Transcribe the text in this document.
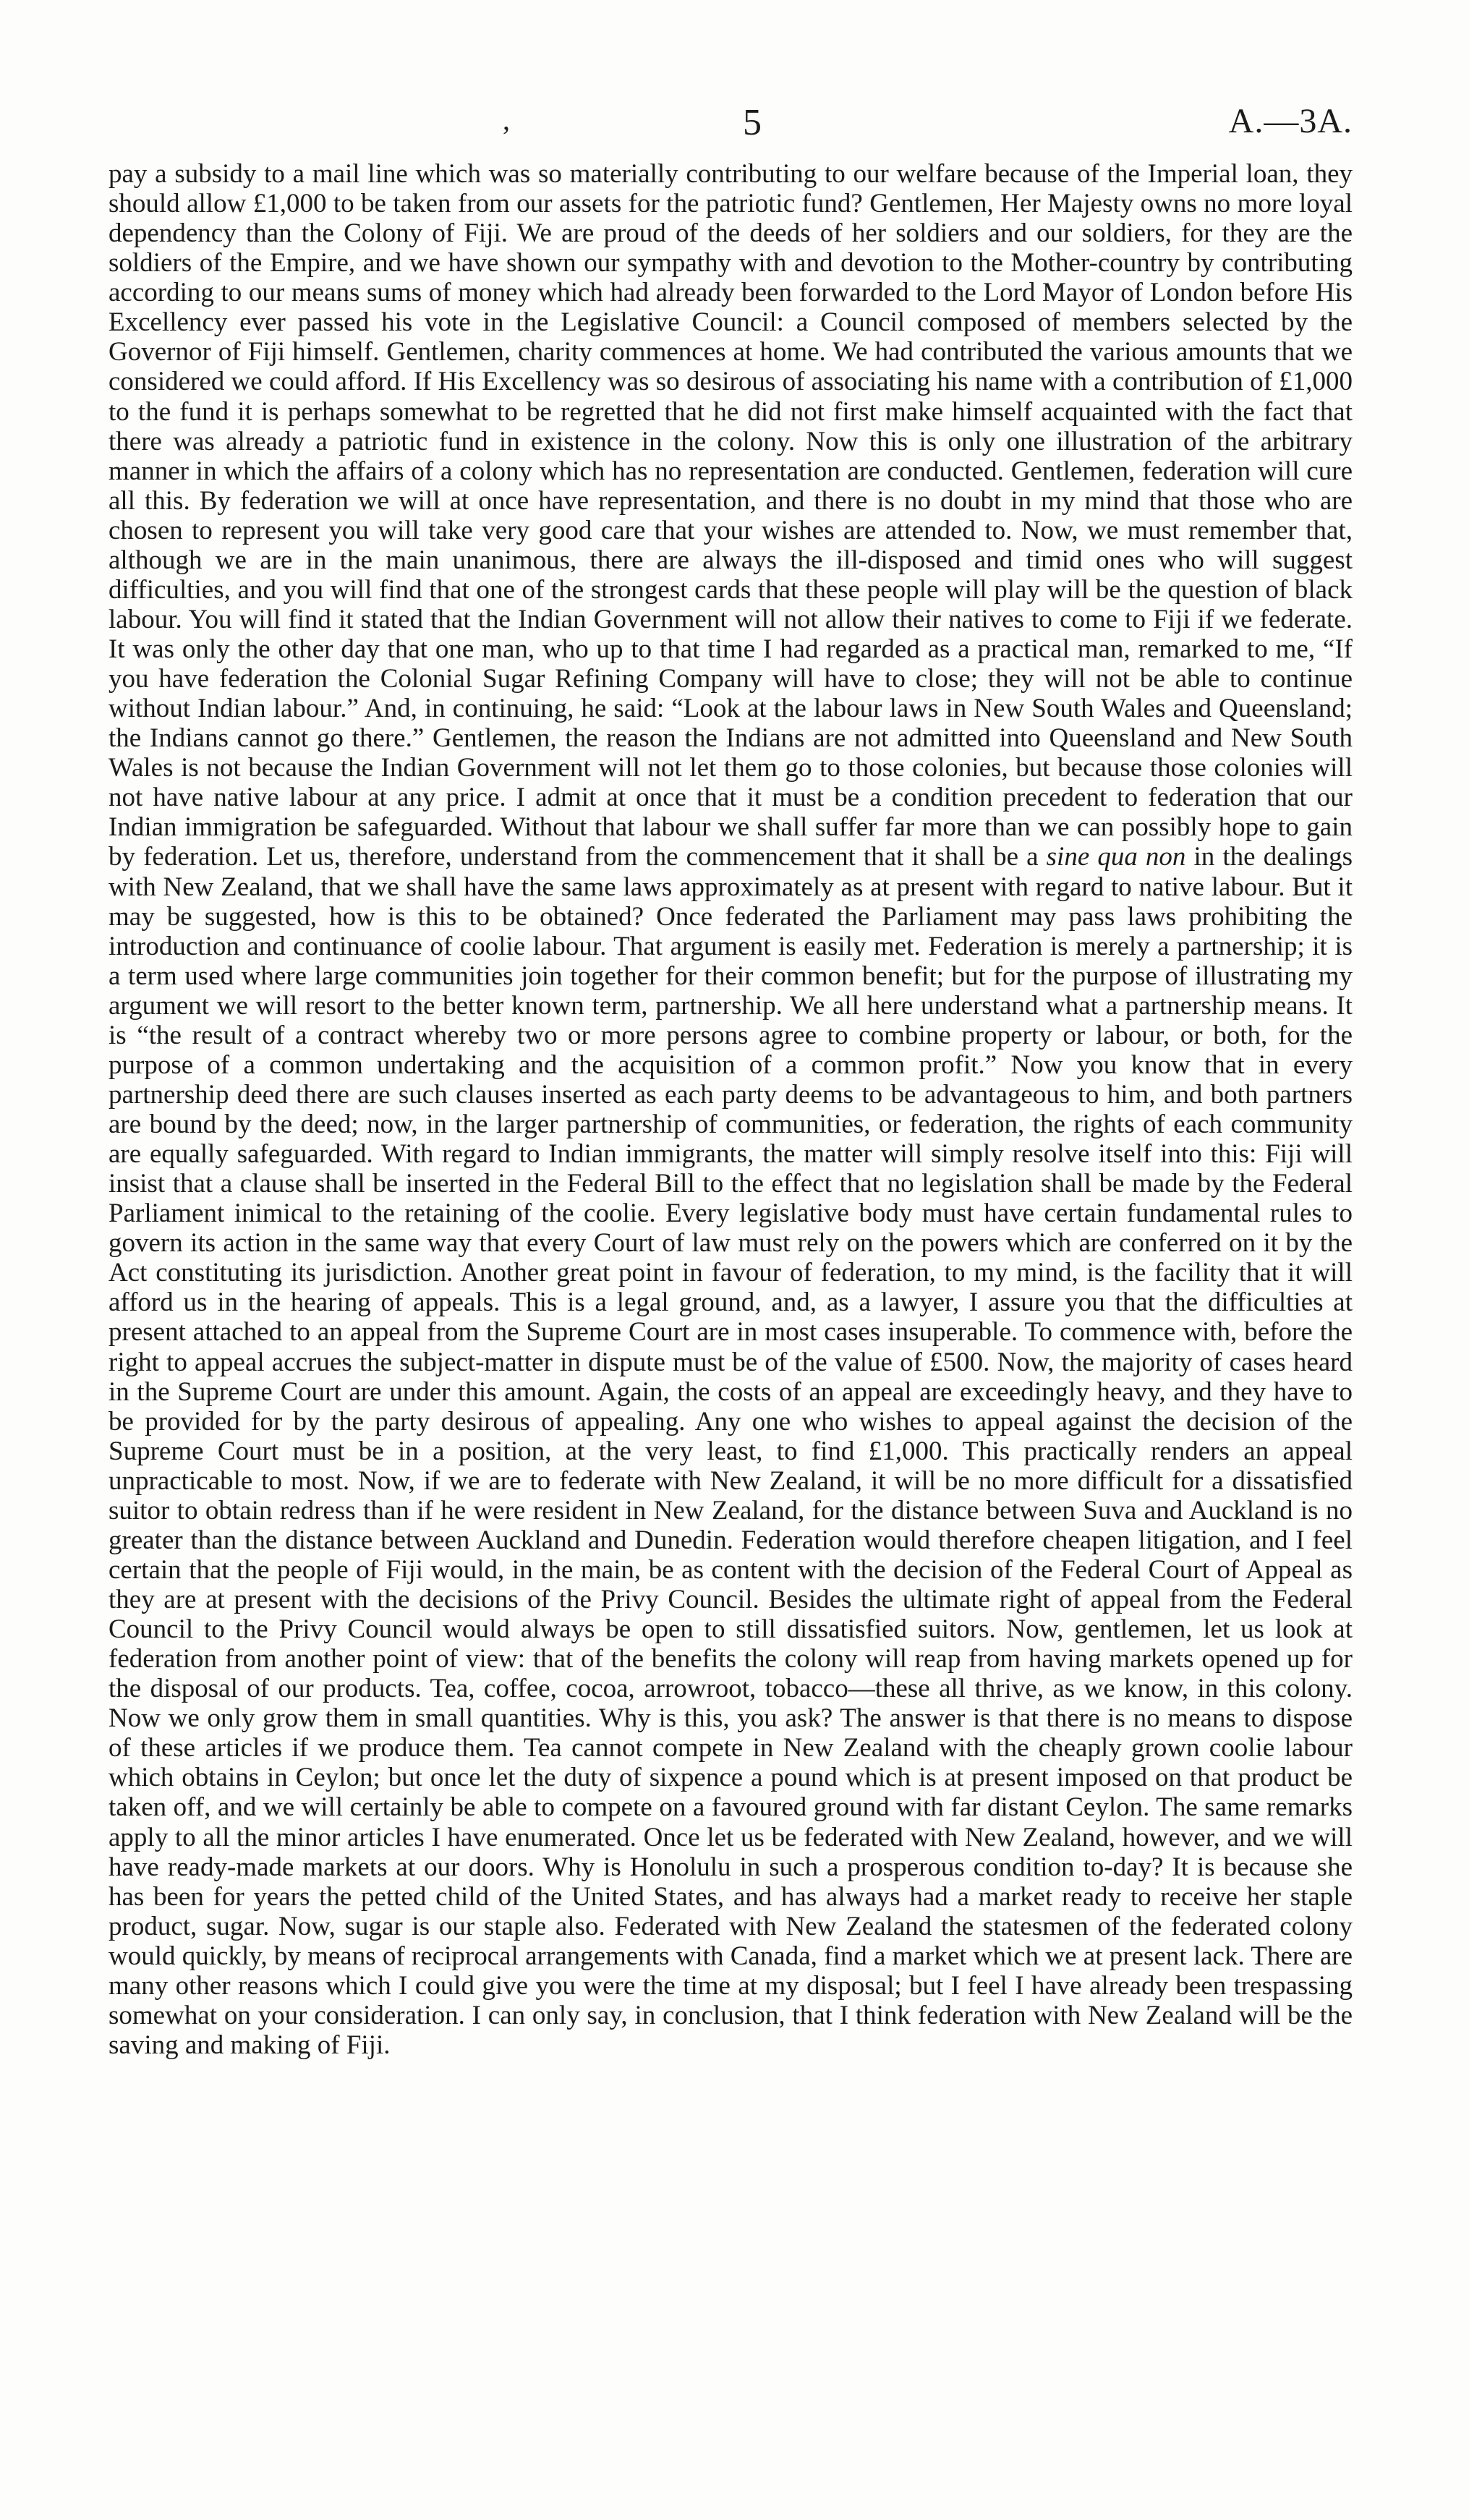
,	5	A.—3A.

pay a subsidy to a mail line which was so materially contributing to our welfare because of the Imperial loan, they should allow £1,000 to be taken from our assets for the patriotic fund? Gentlemen, Her Majesty owns no more loyal dependency than the Colony of Fiji. We are proud of the deeds of her soldiers and our soldiers, for they are the soldiers of the Empire, and we have shown our sympathy with and devotion to the Mother-country by contributing according to our means sums of money which had already been forwarded to the Lord Mayor of London before His Excellency ever passed his vote in the Legislative Council: a Council composed of members selected by the Governor of Fiji himself. Gentlemen, charity commences at home. We had contributed the various amounts that we considered we could afford. If His Excellency was so desirous of associating his name with a contribution of £1,000 to the fund it is perhaps somewhat to be regretted that he did not first make himself acquainted with the fact that there was already a patriotic fund in existence in the colony. Now this is only one illustration of the arbitrary manner in which the affairs of a colony which has no representation are conducted. Gentlemen, federation will cure all this. By federation we will at once have representation, and there is no doubt in my mind that those who are chosen to represent you will take very good care that your wishes are attended to. Now, we must remember that, although we are in the main unanimous, there are always the ill-disposed and timid ones who will suggest difficulties, and you will find that one of the strongest cards that these people will play will be the question of black labour. You will find it stated that the Indian Government will not allow their natives to come to Fiji if we federate. It was only the other day that one man, who up to that time I had regarded as a practical man, remarked to me, “If you have federation the Colonial Sugar Refining Company will have to close; they will not be able to continue without Indian labour.” And, in continuing, he said: “Look at the labour laws in New South Wales and Queensland; the Indians cannot go there.” Gentlemen, the reason the Indians are not admitted into Queensland and New South Wales is not because the Indian Government will not let them go to those colonies, but because those colonies will not have native labour at any price. I admit at once that it must be a condition precedent to federation that our Indian immigration be safeguarded. Without that labour we shall suffer far more than we can possibly hope to gain by federation. Let us, therefore, understand from the commencement that it shall be a sine qua non in the dealings with New Zealand, that we shall have the same laws approximately as at present with regard to native labour. But it may be suggested, how is this to be obtained? Once federated the Parliament may pass laws prohibiting the introduction and continuance of coolie labour. That argument is easily met. Federation is merely a partnership; it is a term used where large communities join together for their common benefit; but for the purpose of illustrating my argument we will resort to the better known term, partnership. We all here understand what a partnership means. It is “the result of a contract whereby two or more persons agree to combine property or labour, or both, for the purpose of a common undertaking and the acquisition of a common profit.” Now you know that in every partnership deed there are such clauses inserted as each party deems to be advantageous to him, and both partners are bound by the deed; now, in the larger partnership of communities, or federation, the rights of each community are equally safeguarded. With regard to Indian immigrants, the matter will simply resolve itself into this: Fiji will insist that a clause shall be inserted in the Federal Bill to the effect that no legislation shall be made by the Federal Parliament inimical to the retaining of the coolie. Every legislative body must have certain fundamental rules to govern its action in the same way that every Court of law must rely on the powers which are conferred on it by the Act constituting its jurisdiction. Another great point in favour of federation, to my mind, is the facility that it will afford us in the hearing of appeals. This is a legal ground, and, as a lawyer, I assure you that the difficulties at present attached to an appeal from the Supreme Court are in most cases insuperable. To commence with, before the right to appeal accrues the subject-matter in dispute must be of the value of £500. Now, the majority of cases heard in the Supreme Court are under this amount. Again, the costs of an appeal are exceedingly heavy, and they have to be provided for by the party desirous of appealing. Any one who wishes to appeal against the decision of the Supreme Court must be in a position, at the very least, to find £1,000. This practically renders an appeal unpracticable to most. Now, if we are to federate with New Zealand, it will be no more difficult for a dissatisfied suitor to obtain redress than if he were resident in New Zealand, for the distance between Suva and Auckland is no greater than the distance between Auckland and Dunedin. Federation would therefore cheapen litigation, and I feel certain that the people of Fiji would, in the main, be as content with the decision of the Federal Court of Appeal as they are at present with the decisions of the Privy Council. Besides the ultimate right of appeal from the Federal Council to the Privy Council would always be open to still dissatisfied suitors. Now, gentlemen, let us look at federation from another point of view: that of the benefits the colony will reap from having markets opened up for the disposal of our products. Tea, coffee, cocoa, arrowroot, tobacco—these all thrive, as we know, in this colony. Now we only grow them in small quantities. Why is this, you ask? The answer is that there is no means to dispose of these articles if we produce them. Tea cannot compete in New Zealand with the cheaply grown coolie labour which obtains in Ceylon; but once let the duty of sixpence a pound which is at present imposed on that product be taken off, and we will certainly be able to compete on a favoured ground with far distant Ceylon. The same remarks apply to all the minor articles I have enumerated. Once let us be federated with New Zealand, however, and we will have ready-made markets at our doors. Why is Honolulu in such a prosperous condition to-day? It is because she has been for years the petted child of the United States, and has always had a market ready to receive her staple product, sugar. Now, sugar is our staple also. Federated with New Zealand the statesmen of the federated colony would quickly, by means of reciprocal arrangements with Canada, find a market which we at present lack. There are many other reasons which I could give you were the time at my disposal; but I feel I have already been trespassing somewhat on your consideration. I can only say, in conclusion, that I think federation with New Zealand will be the saving and making of Fiji.
